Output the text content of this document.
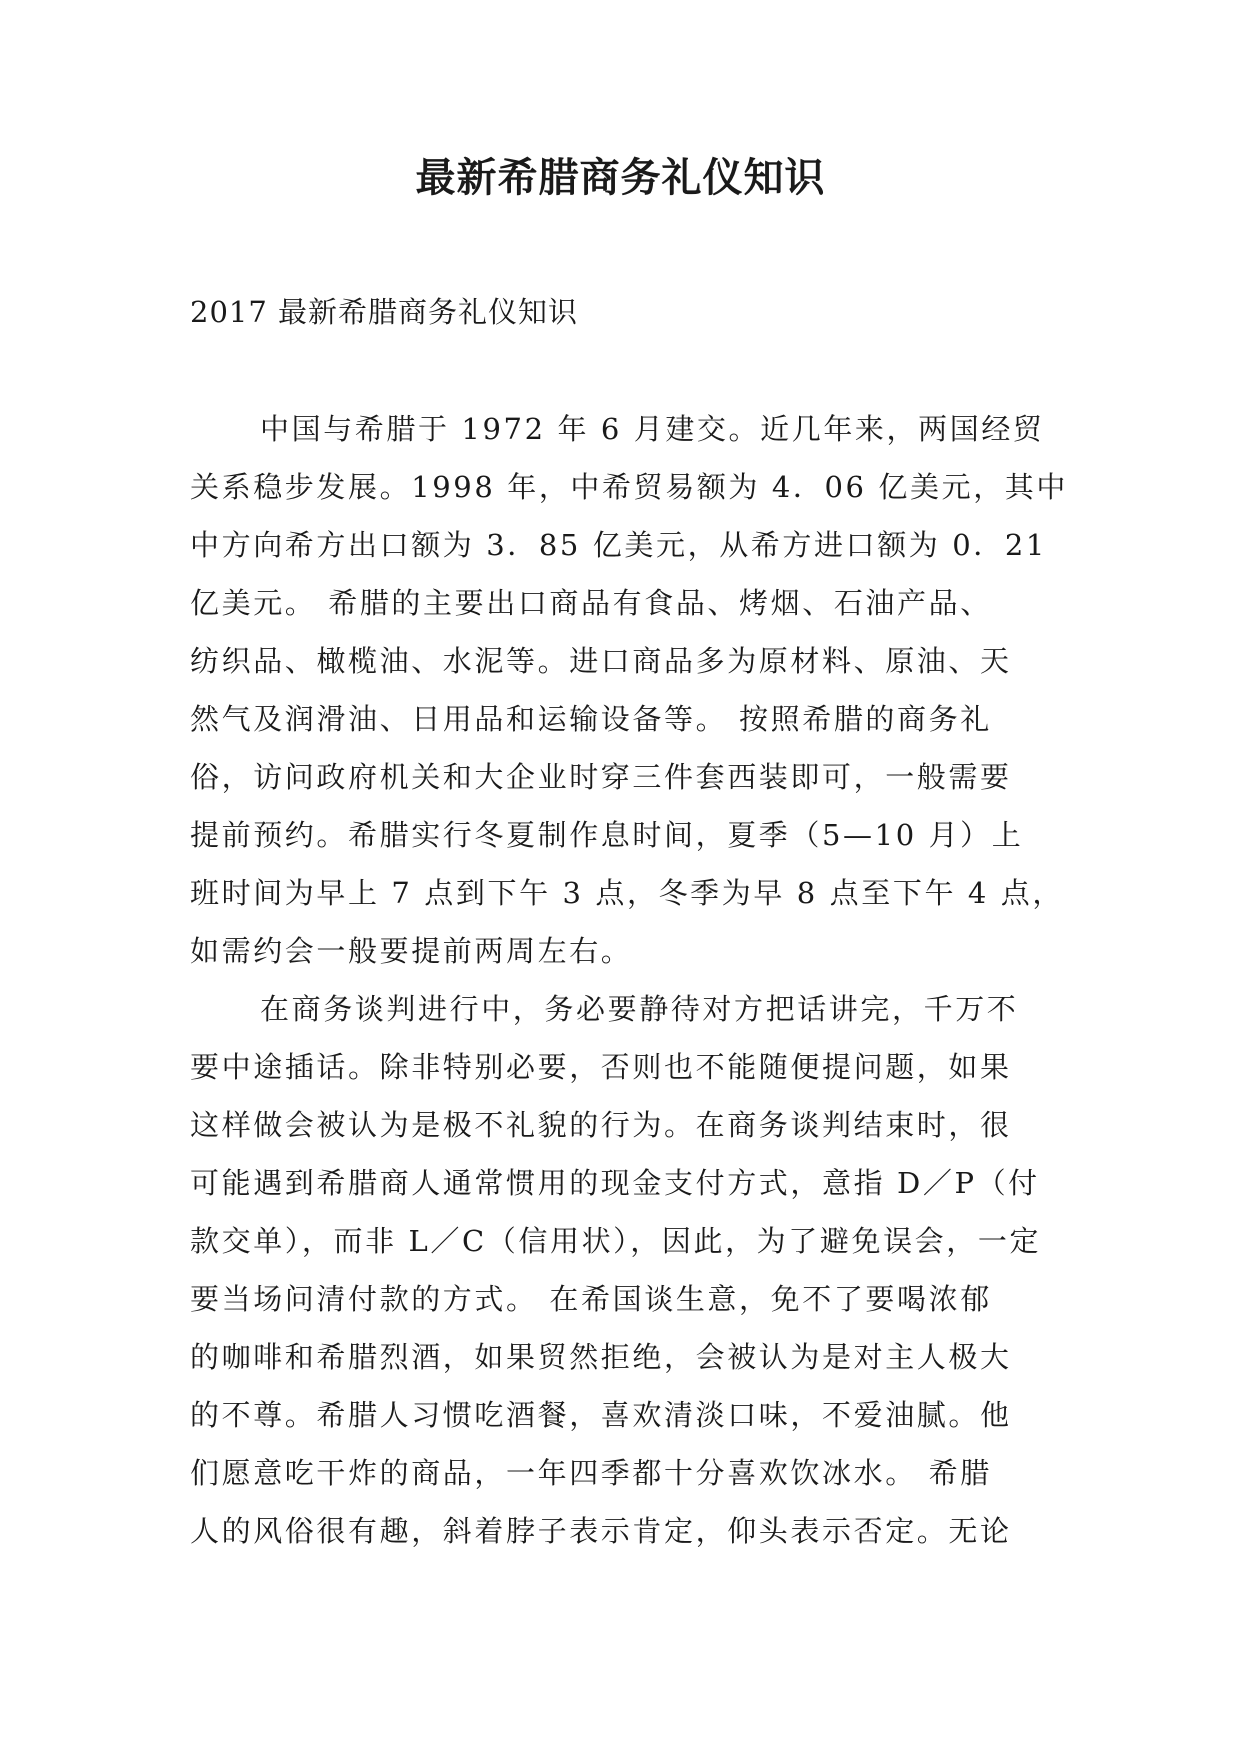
最新希腊商务礼仪知识

2017 最新希腊商务礼仪知识

中国与希腊于 1972 年 6 月建交。近几年来，两国经贸

关系稳步发展。1998 年，中希贸易额为 4．06 亿美元，其中

中方向希方出口额为 3．85 亿美元，从希方进口额为 0．21

亿美元。 希腊的主要出口商品有食品、烤烟、石油产品、

纺织品、橄榄油、水泥等。进口商品多为原材料、原油、天

然气及润滑油、日用品和运输设备等。 按照希腊的商务礼

俗，访问政府机关和大企业时穿三件套西装即可，一般需要

提前预约。希腊实行冬夏制作息时间，夏季（5—10 月）上

班时间为早上 7 点到下午 3 点，冬季为早 8 点至下午 4 点，

如需约会一般要提前两周左右。

在商务谈判进行中，务必要静待对方把话讲完，千万不

要中途插话。除非特别必要，否则也不能随便提问题，如果

这样做会被认为是极不礼貌的行为。在商务谈判结束时，很

可能遇到希腊商人通常惯用的现金支付方式，意指 D／P（付

款交单），而非 L／C（信用状），因此，为了避免误会，一定

要当场问清付款的方式。 在希国谈生意，免不了要喝浓郁

的咖啡和希腊烈酒，如果贸然拒绝，会被认为是对主人极大

的不尊。希腊人习惯吃酒餐，喜欢清淡口味，不爱油腻。他

们愿意吃干炸的商品，一年四季都十分喜欢饮冰水。 希腊

人的风俗很有趣，斜着脖子表示肯定，仰头表示否定。无论
